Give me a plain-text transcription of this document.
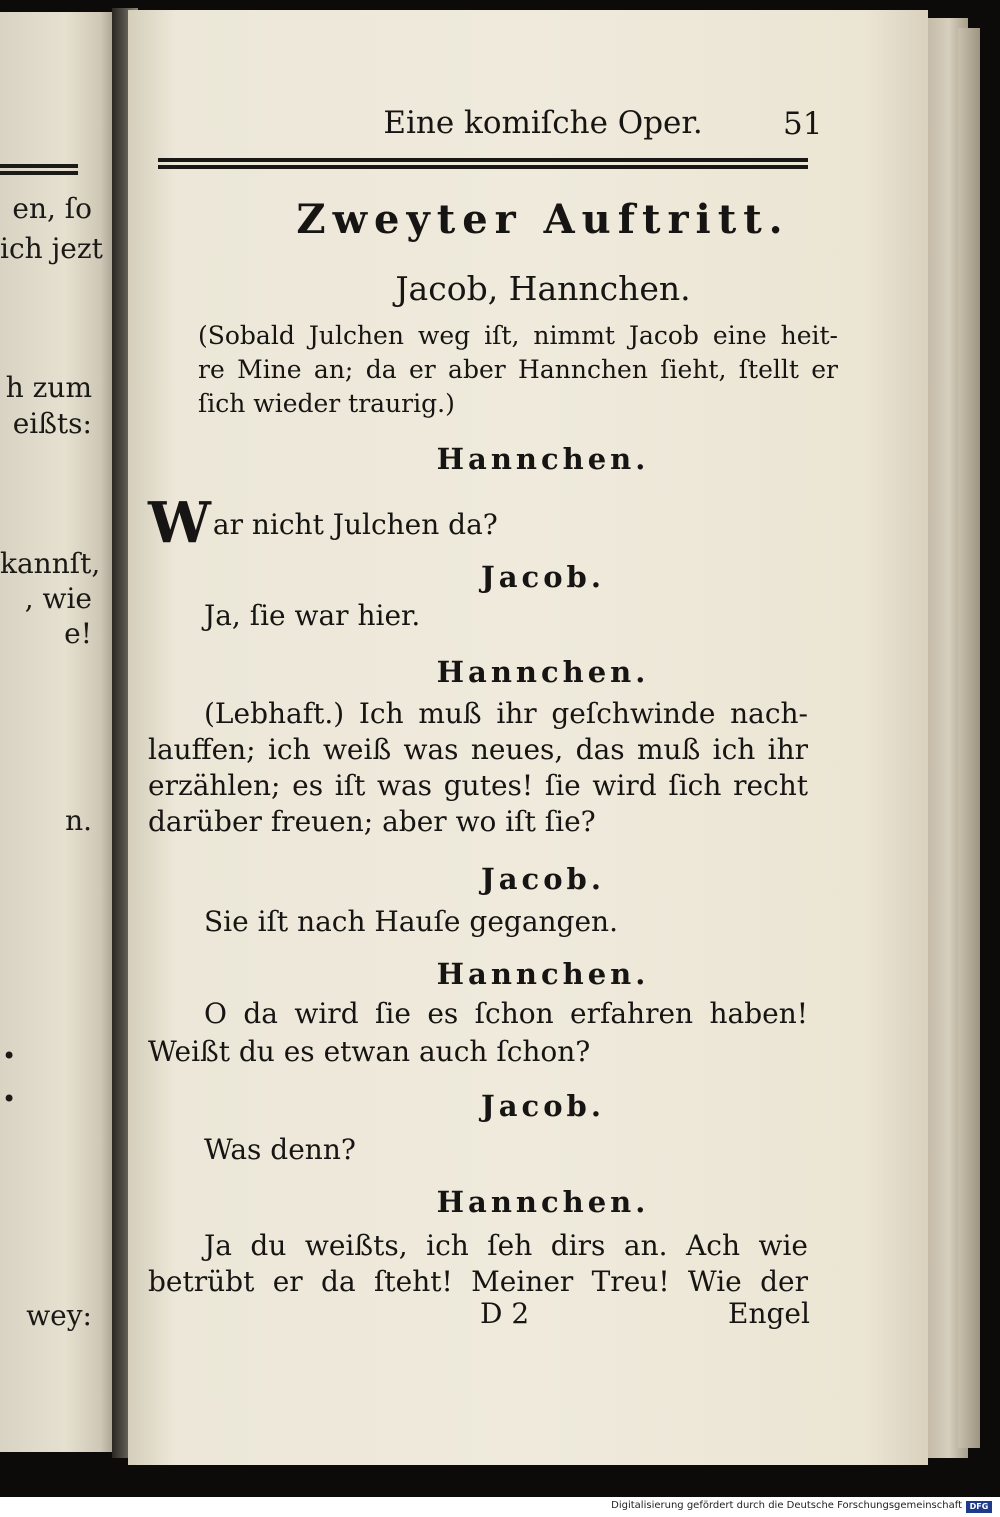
en, ſo
ich jezt
h zum
eißts:
kannſt,
, wie
e!
n.
•
•
wey:

Eine komiſche Oper.	51

Zweyter Auftritt.

Jacob, Hannchen.

(Sobald Julchen weg iſt, nimmt Jacob eine heit-

re Mine an; da er aber Hannchen ſieht, ſtellt er

ſich wieder traurig.)

Hannchen.

War nicht Julchen da?

Jacob.

Ja, ſie war hier.

Hannchen.

(Lebhaft.) Ich muß ihr geſchwinde nach-

lauffen; ich weiß was neues, das muß ich ihr

erzählen; es iſt was gutes! ſie wird ſich recht

darüber freuen; aber wo iſt ſie?

Jacob.

Sie iſt nach Hauſe gegangen.

Hannchen.

O da wird ſie es ſchon erfahren haben!

Weißt du es etwan auch ſchon?

Jacob.

Was denn?

Hannchen.

Ja du weißts, ich ſeh dirs an. Ach wie

betrübt er da ſteht! Meiner Treu! Wie der

D 2	Engel
Digitalisierung gefördert durch die Deutsche Forschungsgemeinschaft DFG
